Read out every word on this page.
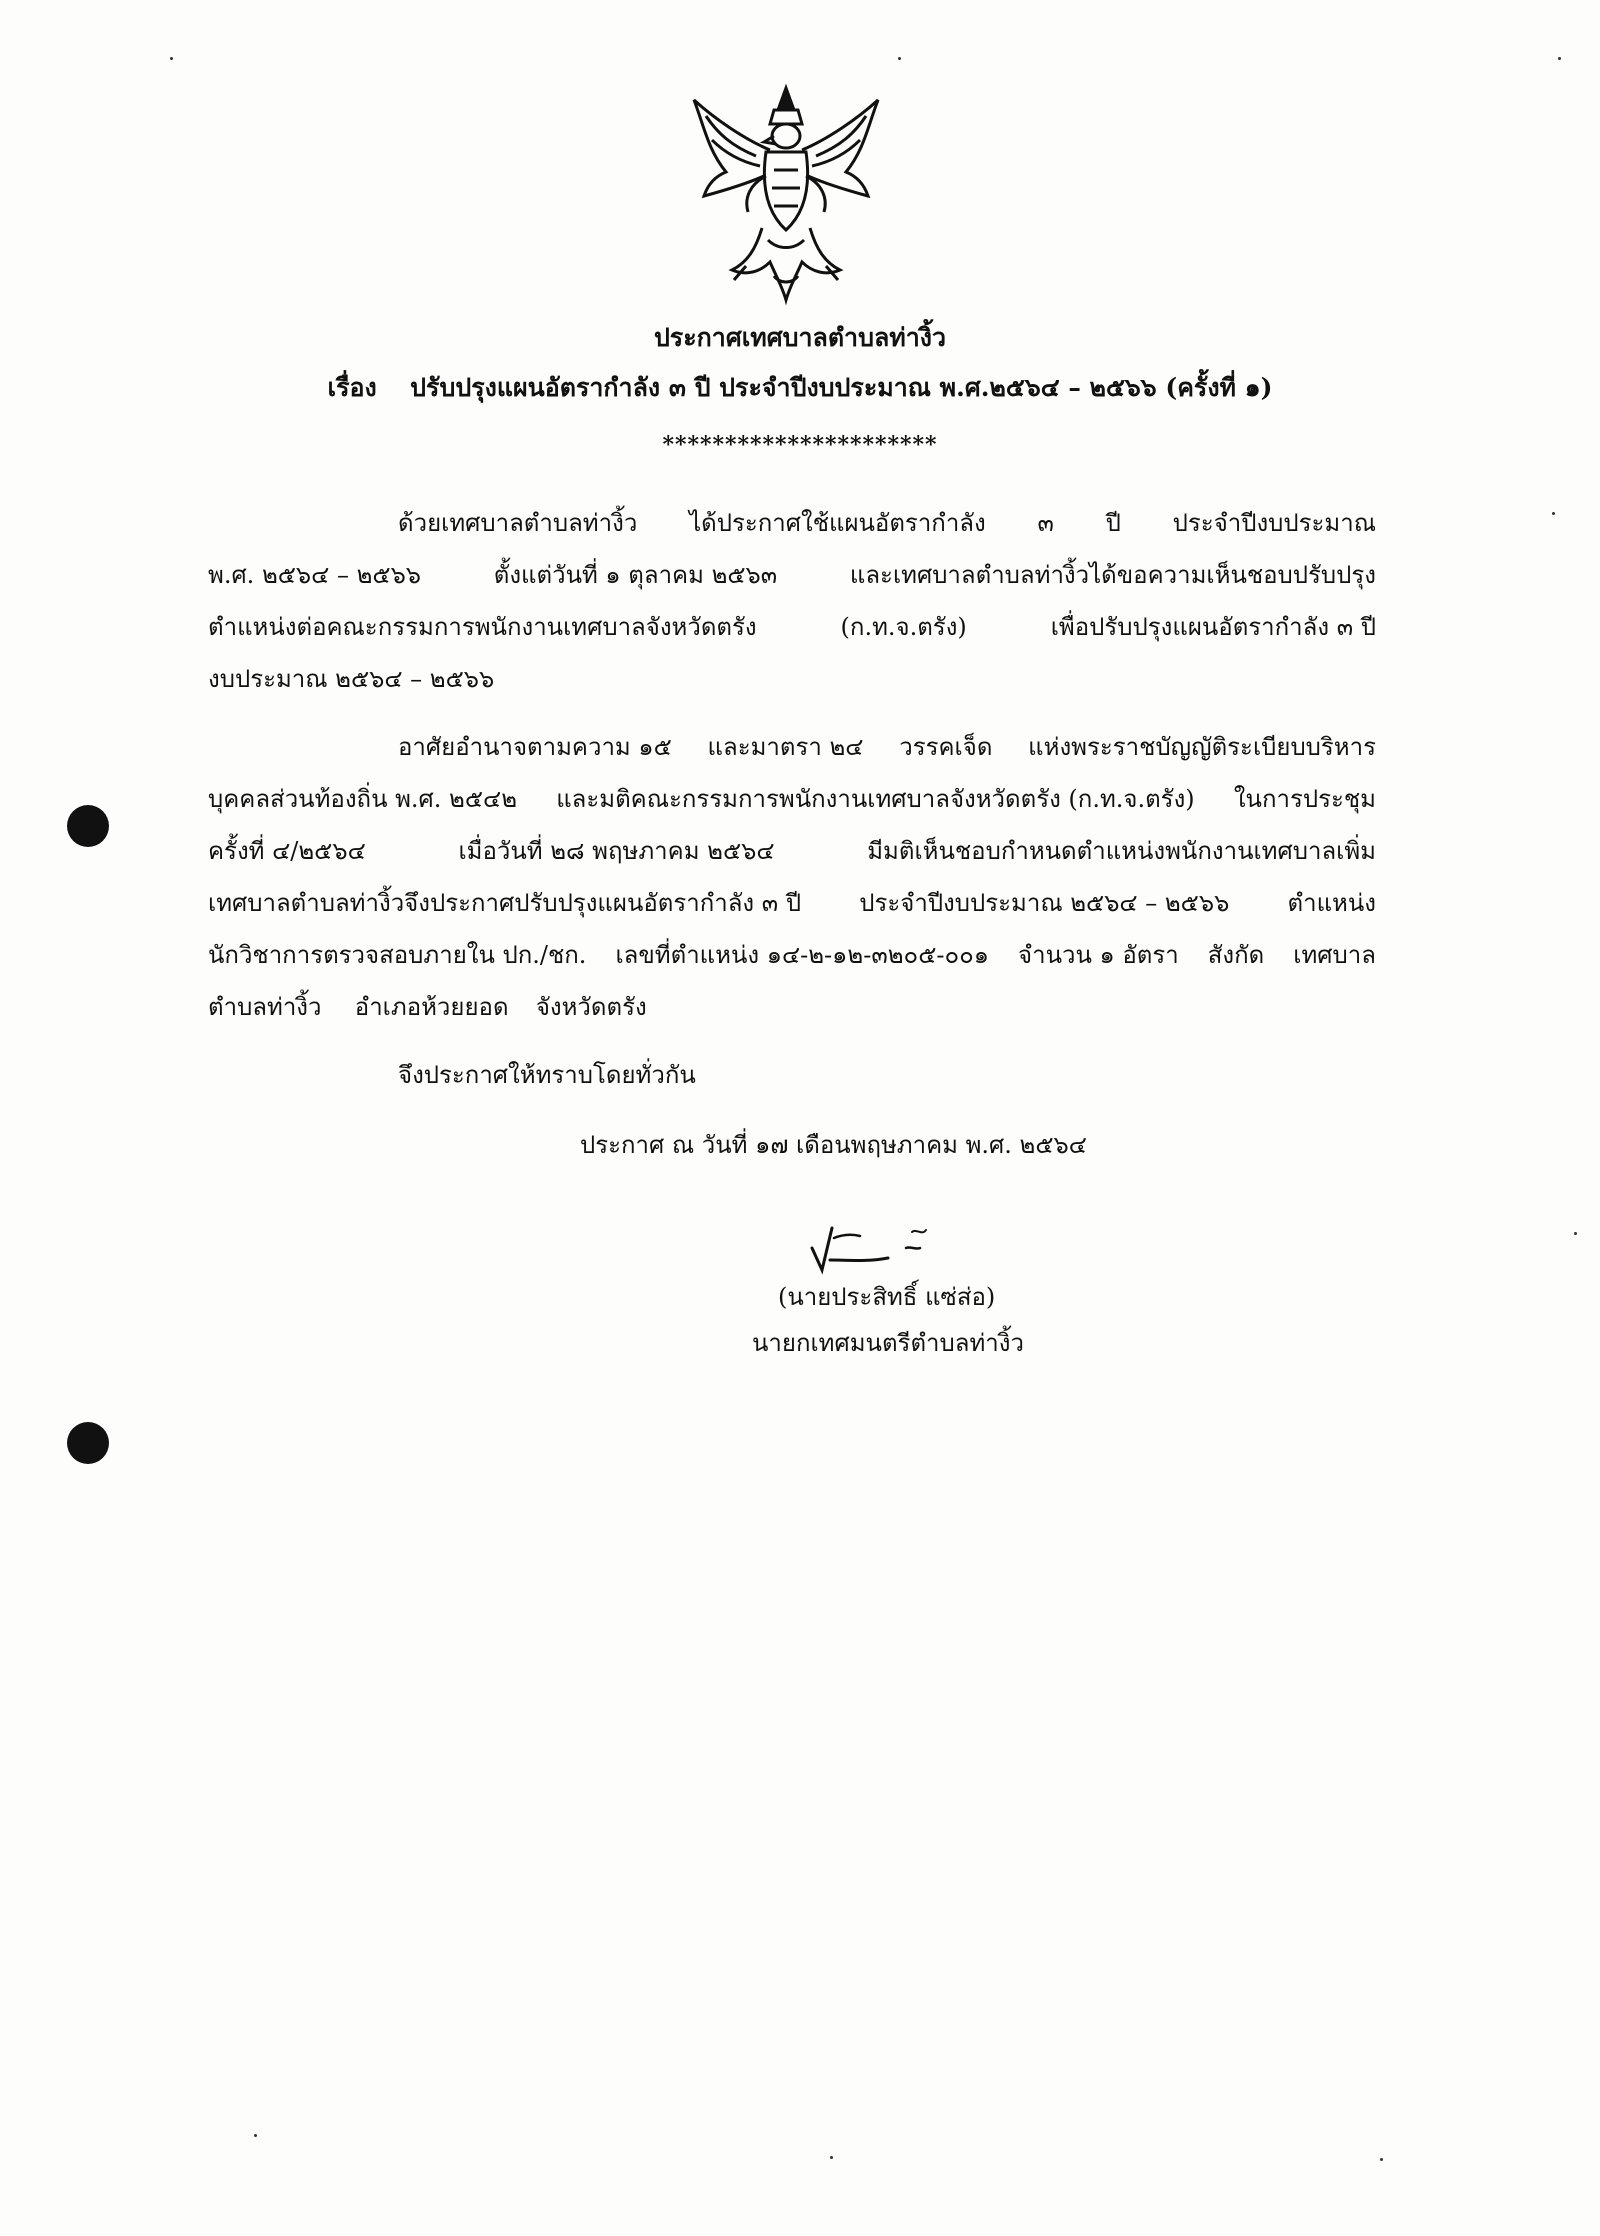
ประกาศเทศบาลตำบลท่างิ้ว
เรื่อง ปรับปรุงแผนอัตรากำลัง ๓ ปี ประจำปีงบประมาณ พ.ศ.๒๕๖๔ – ๒๕๖๖ (ครั้งที่ ๑)
**********************
ด้วยเทศบาลตำบลท่างิ้ว ได้ประกาศใช้แผนอัตรากำลัง ๓ ปี ประจำปีงบประมาณ
พ.ศ. ๒๕๖๔ – ๒๕๖๖	ตั้งแต่วันที่ ๑ ตุลาคม ๒๕๖๓	และเทศบาลตำบลท่างิ้วได้ขอความเห็นชอบปรับปรุง
ตำแหน่งต่อคณะกรรมการพนักงานเทศบาลจังหวัดตรัง	(ก.ท.จ.ตรัง)	เพื่อปรับปรุงแผนอัตรากำลัง ๓ ปี
งบประมาณ ๒๕๖๔ – ๒๕๖๖
อาศัยอำนาจตามความ ๑๕ และมาตรา ๒๔ วรรคเจ็ด แห่งพระราชบัญญัติระเบียบบริหาร
บุคคลส่วนท้องถิ่น พ.ศ. ๒๕๔๒ และมติคณะกรรมการพนักงานเทศบาลจังหวัดตรัง (ก.ท.จ.ตรัง) ในการประชุม
ครั้งที่ ๔/๒๕๖๔	เมื่อวันที่ ๒๘ พฤษภาคม ๒๕๖๔	มีมติเห็นชอบกำหนดตำแหน่งพนักงานเทศบาลเพิ่ม
เทศบาลตำบลท่างิ้วจึงประกาศปรับปรุงแผนอัตรากำลัง ๓ ปี ประจำปีงบประมาณ ๒๕๖๔ – ๒๕๖๖ ตำแหน่ง
นักวิชาการตรวจสอบภายใน ปก./ชก. เลขที่ตำแหน่ง ๑๔-๒-๑๒-๓๒๐๕-๐๐๑ จำนวน ๑ อัตรา สังกัด เทศบาล
ตำบลท่างิ้ว อำเภอห้วยยอด จังหวัดตรัง
จึงประกาศให้ทราบโดยทั่วกัน
ประกาศ ณ วันที่ ๑๗ เดือนพฤษภาคม พ.ศ. ๒๕๖๔
(นายประสิทธิ์ แซ่ส่อ)
นายกเทศมนตรีตำบลท่างิ้ว
